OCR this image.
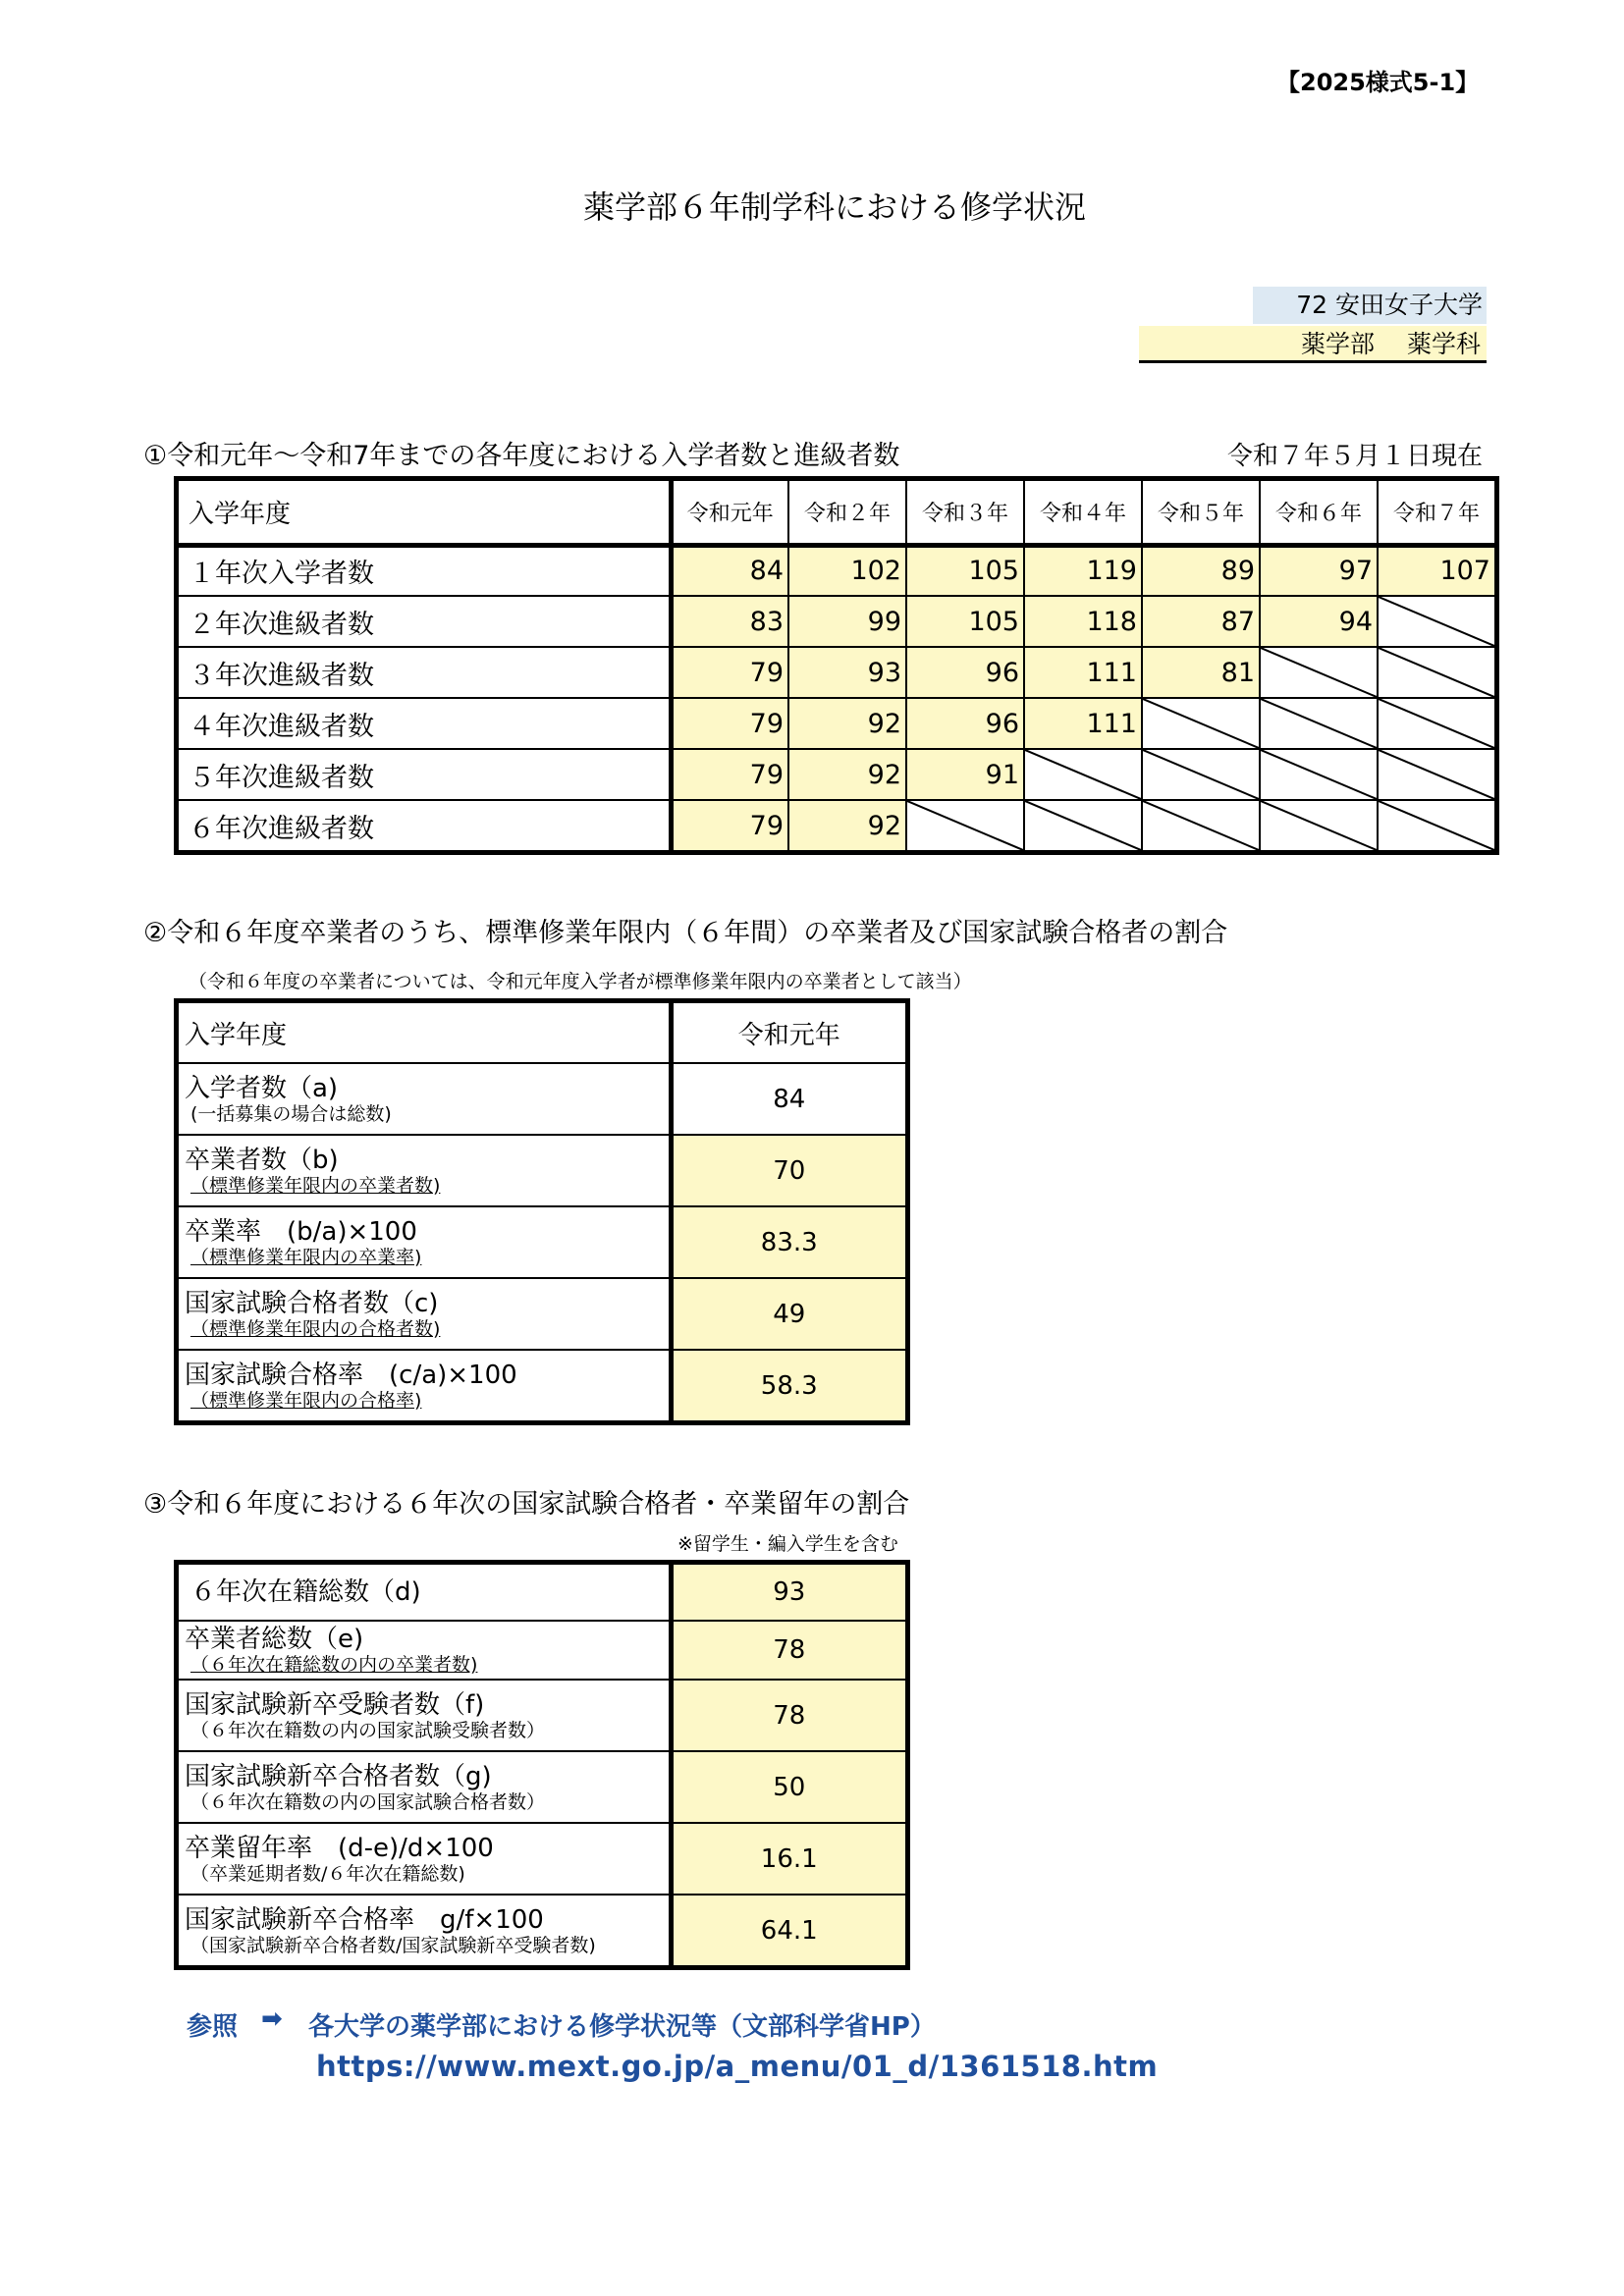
【2025様式5-1】
薬学部６年制学科における修学状況
72 安田女子大学
薬学部　 薬学科
①令和元年～令和7年までの各年度における入学者数と進級者数	令和７年５月１日現在
入学年度	令和元年	令和２年	令和３年	令和４年	令和５年	令和６年	令和７年
１年次入学者数	84	102	105	119	89	97	107
２年次進級者数	83	99	105	118	87	94	

３年次進級者数	79	93	96	111	81	

４年次進級者数	79	92	96	111	

５年次進級者数	79	92	91	

６年次進級者数	79	92	

②令和６年度卒業者のうち、標準修業年限内（６年間）の卒業者及び国家試験合格者の割合
（令和６年度の卒業者については、令和元年度入学者が標準修業年限内の卒業者として該当）
入学年度	令和元年

入学者数（a)
(一括募集の場合は総数)	84

卒業者数（b)
（標準修業年限内の卒業者数)	70

卒業率　(b/a)×100
（標準修業年限内の卒業率)	83.3

国家試験合格者数（c)
（標準修業年限内の合格者数)	49

国家試験合格率　(c/a)×100
（標準修業年限内の合格率)	58.3
③令和６年度における６年次の国家試験合格者・卒業留年の割合
※留学生・編入学生を含む
６年次在籍総数（d)	93

卒業者総数（e)
（６年次在籍総数の内の卒業者数)	78

国家試験新卒受験者数（f)
（６年次在籍数の内の国家試験受験者数）	78

国家試験新卒合格者数（g)
（６年次在籍数の内の国家試験合格者数）	50

卒業留年率　(d-e)/d×100
（卒業延期者数/６年次在籍総数)	16.1

国家試験新卒合格率　g/f×100
（国家試験新卒合格者数/国家試験新卒受験者数)	64.1
参照 ➡ 各大学の薬学部における修学状況等（文部科学省HP）
https://www.mext.go.jp/a_menu/01_d/1361518.htm
